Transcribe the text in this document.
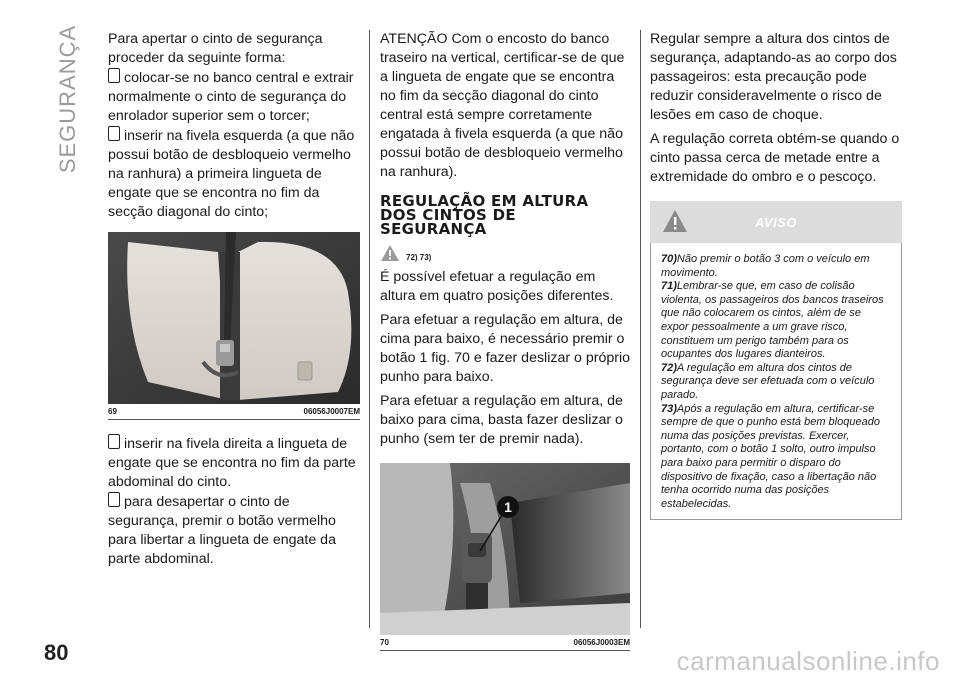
SEGURANÇA Para apertar o cinto de segurança proceder da seguinte forma:

colocar-se no banco central e extrair normalmente o cinto de segurança do enrolador superior sem o torcer;

inserir na fivela esquerda (a que não possui botão de desbloqueio vermelho na ranhura) a primeira lingueta de engate que se encontra no fim da secção diagonal do cinto;

69	06056J0007EM

inserir na fivela direita a lingueta de engate que se encontra no fim da parte abdominal do cinto.

para desapertar o cinto de segurança, premir o botão vermelho para libertar a lingueta de engate da parte abdominal.

ATENÇÃO Com o encosto do banco traseiro na vertical, certificar-se de que a lingueta de engate que se encontra no fim da secção diagonal do cinto central está sempre corretamente engatada à fivela esquerda (a que não possui botão de desbloqueio vermelho na ranhura).

REGULAÇÃO EM ALTURA
DOS CINTOS DE
SEGURANÇA
72) 73)

É possível efetuar a regulação em altura em quatro posições diferentes.

Para efetuar a regulação em altura, de cima para baixo, é necessário premir o botão 1 fig. 70 e fazer deslizar o próprio punho para baixo.

Para efetuar a regulação em altura, de baixo para cima, basta fazer deslizar o punho (sem ter de premir nada).

1
70	06056J0003EM

Regular sempre a altura dos cintos de segurança, adaptando-as ao corpo dos passageiros: esta precaução pode reduzir consideravelmente o risco de lesões em caso de choque.

A regulação correta obtém-se quando o cinto passa cerca de metade entre a extremidade do ombro e o pescoço.

AVISO

70)Não premir o botão 3 com o veículo em movimento.

71)Lembrar-se que, em caso de colisão violenta, os passageiros dos bancos traseiros que não colocarem os cintos, além de se expor pessoalmente a um grave risco, constituem um perigo também para os ocupantes dos lugares dianteiros.

72)A regulação em altura dos cintos de segurança deve ser efetuada com o veículo parado.

73)Após a regulação em altura, certificar-se sempre de que o punho está bem bloqueado numa das posições previstas. Exercer, portanto, com o botão 1 solto, outro impulso para baixo para permitir o disparo do dispositivo de fixação, caso a libertação não tenha ocorrido numa das posições estabelecidas.

80	carmanualsonline.info
